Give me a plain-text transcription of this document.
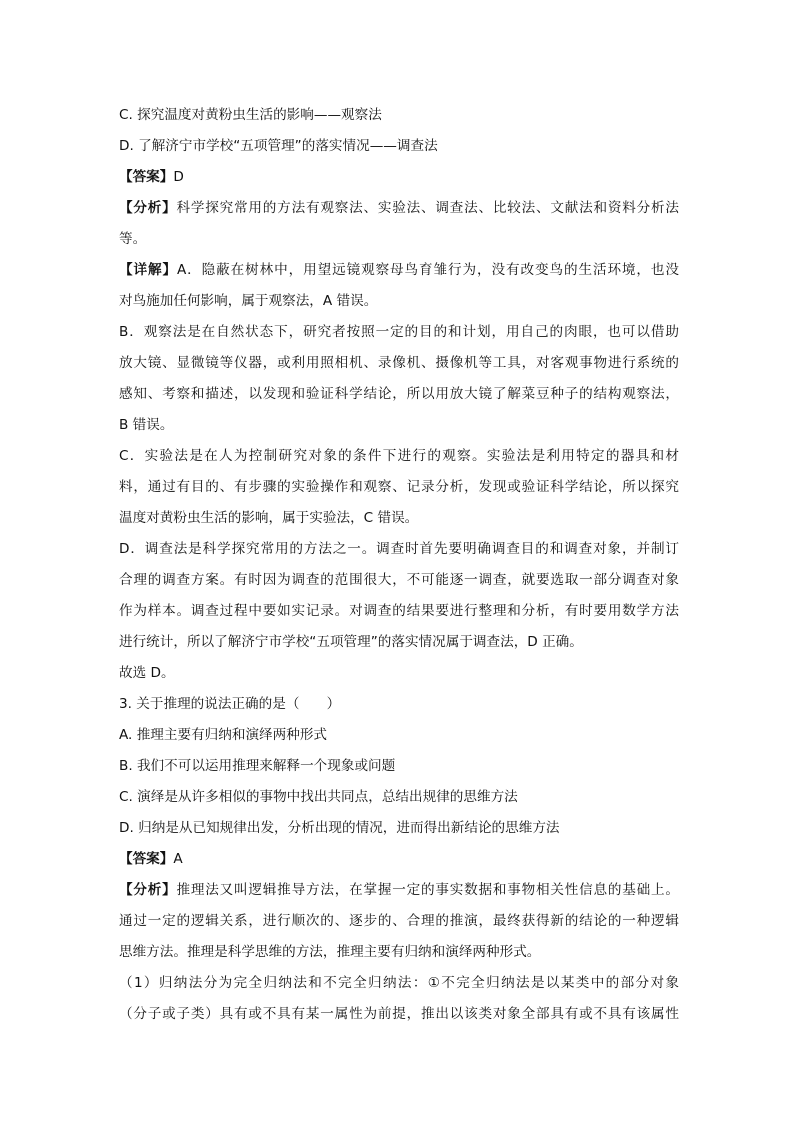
C. 探究温度对黄粉虫生活的影响——观察法
D. 了解济宁市学校“五项管理”的落实情况——调查法
【答案】D
【分析】科学探究常用的方法有观察法、实验法、调查法、比较法、文献法和资料分析法
等。
【详解】A．隐蔽在树林中，用望远镜观察母鸟育雏行为，没有改变鸟的生活环境，也没
对鸟施加任何影响，属于观察法，A 错误。
B．观察法是在自然状态下，研究者按照一定的目的和计划，用自己的肉眼，也可以借助
放大镜、显微镜等仪器，或利用照相机、录像机、摄像机等工具，对客观事物进行系统的
感知、考察和描述，以发现和验证科学结论，所以用放大镜了解菜豆种子的结构观察法，
B 错误。
C．实验法是在人为控制研究对象的条件下进行的观察。实验法是利用特定的器具和材
料，通过有目的、有步骤的实验操作和观察、记录分析，发现或验证科学结论，所以探究
温度对黄粉虫生活的影响，属于实验法，C 错误。
D．调查法是科学探究常用的方法之一。调查时首先要明确调查目的和调查对象，并制订
合理的调查方案。有时因为调查的范围很大，不可能逐一调查，就要选取一部分调查对象
作为样本。调查过程中要如实记录。对调查的结果要进行整理和分析，有时要用数学方法
进行统计，所以了解济宁市学校“五项管理”的落实情况属于调查法，D 正确。
故选 D。
3. 关于推理的说法正确的是（　　）
A. 推理主要有归纳和演绎两种形式
B. 我们不可以运用推理来解释一个现象或问题
C. 演绎是从许多相似的事物中找出共同点，总结出规律的思维方法
D. 归纳是从已知规律出发，分析出现的情况，进而得出新结论的思维方法
【答案】A
【分析】推理法又叫逻辑推导方法，在掌握一定的事实数据和事物相关性信息的基础上。
通过一定的逻辑关系，进行顺次的、逐步的、合理的推演，最终获得新的结论的一种逻辑
思维方法。推理是科学思维的方法，推理主要有归纳和演绎两种形式。
（1）归纳法分为完全归纳法和不完全归纳法：①不完全归纳法是以某类中的部分对象
（分子或子类）具有或不具有某一属性为前提，推出以该类对象全部具有或不具有该属性
